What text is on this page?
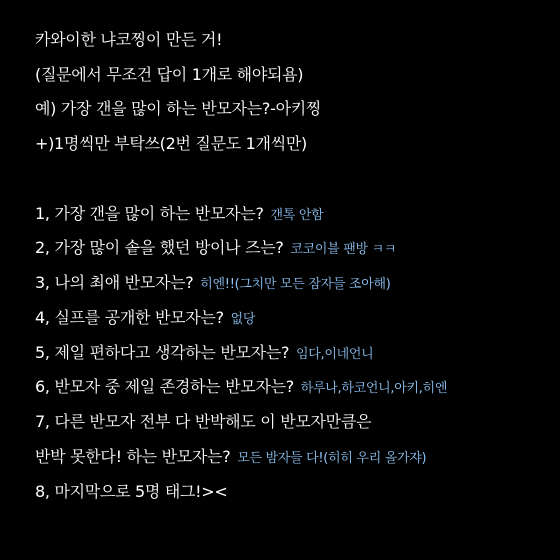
카와이한 냐코찡이 만든 거!
(질문에서 무조건 답이 1개로 해야되욤)
예) 가장 갠을 많이 하는 반모자는?-아키찡
+)1명씩만 부탁쓰(2번 질문도 1개씩만)
1, 가장 갠을 많이 하는 반모자는? 갠톡 안함
2, 가장 많이 솥을 했던 방이나 즈는? 코코이블 팬방 ㅋㅋ
3, 나의 최애 반모자는? 히엔!!(그치만 모든 잠자들 조아해)
4, 실프를 공개한 반모자는? 없당
5, 제일 편하다고 생각하는 반모자는? 임다,이네언니
6, 반모자 중 제일 존경하는 반모자는? 하루나,하코언니,아키,히엔
7, 다른 반모자 전부 다 반박해도 이 반모자만큼은
반박 못한다! 하는 반모자는? 모든 밤자들 다!(히히 우리 올가쟈)
8, 마지막으로 5명 태그!><
